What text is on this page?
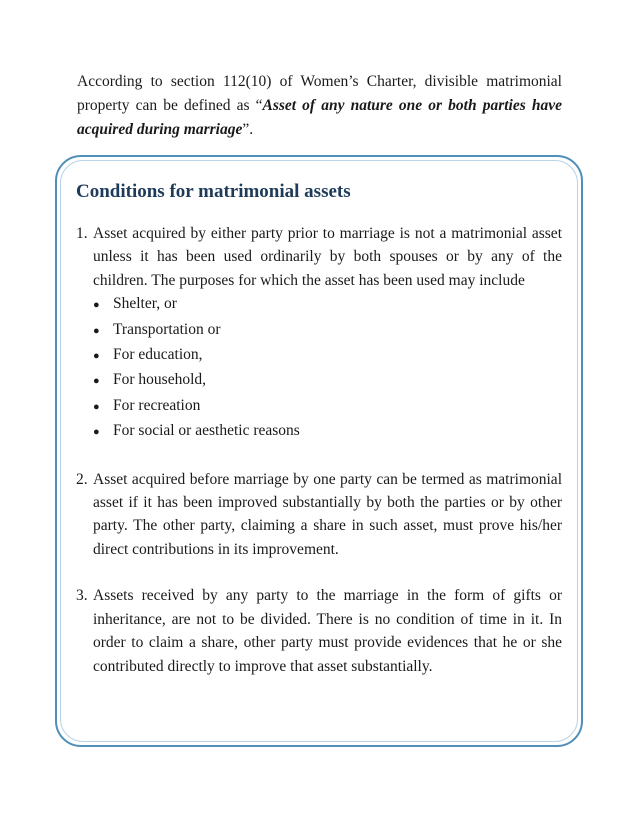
According to section 112(10) of Women’s Charter, divisible matrimonial property can be defined as “Asset of any nature one or both parties have acquired during marriage”.
Conditions for matrimonial assets
1. Asset acquired by either party prior to marriage is not a matrimonial asset unless it has been used ordinarily by both spouses or by any of the children. The purposes for which the asset has been used may include
● Shelter, or
● Transportation or
● For education,
● For household,
● For recreation
● For social or aesthetic reasons
2. Asset acquired before marriage by one party can be termed as matrimonial asset if it has been improved substantially by both the parties or by other party. The other party, claiming a share in such asset, must prove his/her direct contributions in its improvement.
3. Assets received by any party to the marriage in the form of gifts or inheritance, are not to be divided. There is no condition of time in it. In order to claim a share, other party must provide evidences that he or she contributed directly to improve that asset substantially.
